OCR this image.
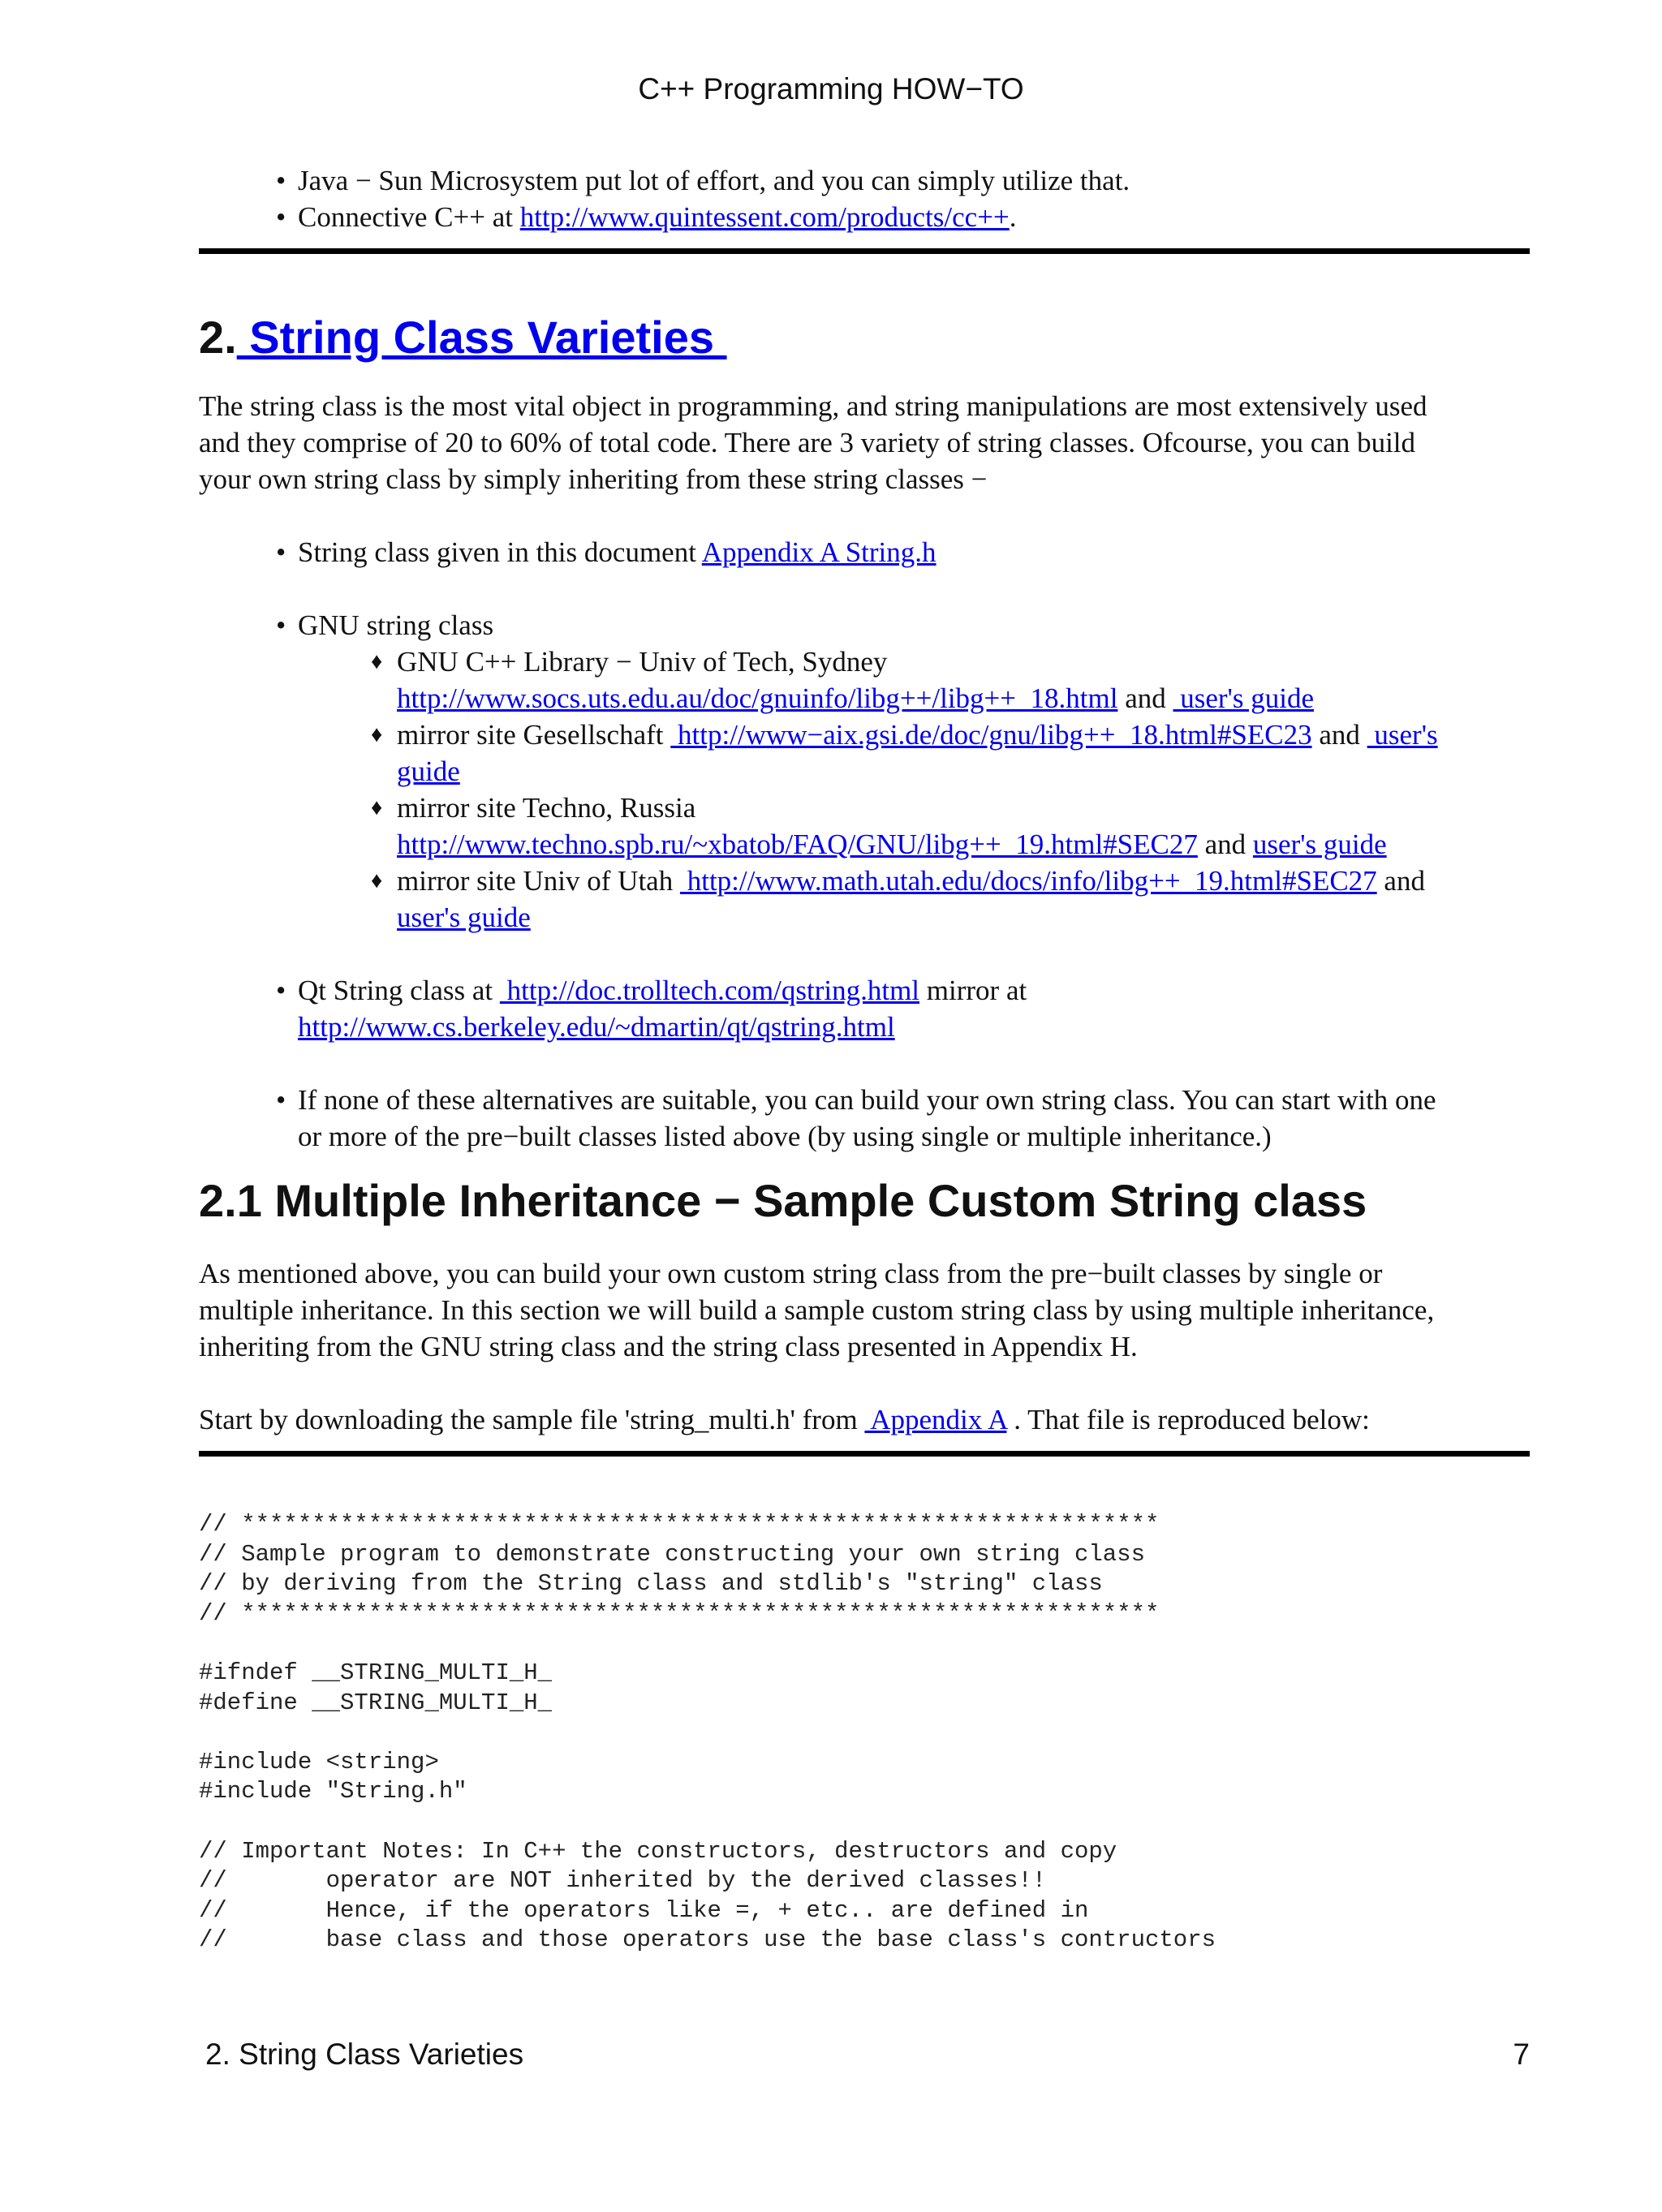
C++ Programming HOW−TO
• Java − Sun Microsystem put lot of effort, and you can simply utilize that.
• Connective C++ at http://www.quintessent.com/products/cc++.
2. String Class Varieties

The string class is the most vital object in programming, and string manipulations are most extensively used
and they comprise of 20 to 60% of total code. There are 3 variety of string classes. Ofcourse, you can build
your own string class by simply inheriting from these string classes −

• String class given in this document Appendix A String.h
• GNU string class
♦ GNU C++ Library − Univ of Tech, Sydney
http://www.socs.uts.edu.au/doc/gnuinfo/libg++/libg++_18.html and  user's guide
♦ mirror site Gesellschaft  http://www−aix.gsi.de/doc/gnu/libg++_18.html#SEC23 and  user's
guide
♦ mirror site Techno, Russia
http://www.techno.spb.ru/~xbatob/FAQ/GNU/libg++_19.html#SEC27 and user's guide
♦ mirror site Univ of Utah  http://www.math.utah.edu/docs/info/libg++_19.html#SEC27 and
user's guide
• Qt String class at  http://doc.trolltech.com/qstring.html mirror at
http://www.cs.berkeley.edu/~dmartin/qt/qstring.html
• If none of these alternatives are suitable, you can build your own string class. You can start with one
or more of the pre−built classes listed above (by using single or multiple inheritance.)
2.1 Multiple Inheritance − Sample Custom String class

As mentioned above, you can build your own custom string class from the pre−built classes by single or
multiple inheritance. In this section we will build a sample custom string class by using multiple inheritance,
inheriting from the GNU string class and the string class presented in Appendix H.

Start by downloading the sample file 'string_multi.h' from  Appendix A . That file is reproduced below:

// *****************************************************************
// Sample program to demonstrate constructing your own string class
// by deriving from the String class and stdlib's "string" class
// *****************************************************************

#ifndef __STRING_MULTI_H_
#define __STRING_MULTI_H_

#include <string>
#include "String.h"

// Important Notes: In C++ the constructors, destructors and copy
//       operator are NOT inherited by the derived classes!!
//       Hence, if the operators like =, + etc.. are defined in
//       base class and those operators use the base class's contructors
2. String Class Varieties	7
